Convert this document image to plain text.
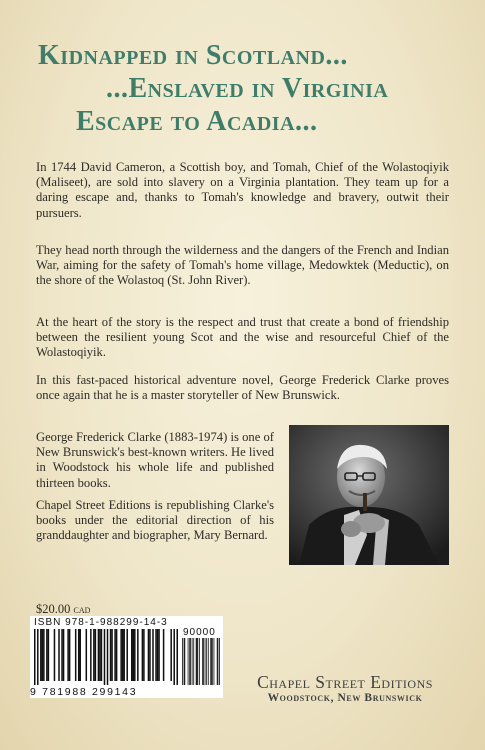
Kidnapped in Scotland...
...Enslaved in Virginia
Escape to Acadia...

In 1744 David Cameron, a Scottish boy, and Tomah, Chief of the Wolastoqiyik (Maliseet), are sold into slavery on a Virginia plantation. They team up for a daring escape and, thanks to Tomah's knowledge and bravery, outwit their pursuers.

They head north through the wilderness and the dangers of the French and Indian War, aiming for the safety of Tomah's home village, Medowktek (Meductic), on the shore of the Wolastoq (St. John River).

At the heart of the story is the respect and trust that create a bond of friendship between the resilient young Scot and the wise and resourceful Chief of the Wolastoqiyik.

In this fast-paced historical adventure novel, George Frederick Clarke proves once again that he is a master storyteller of New Brunswick.

George Frederick Clarke (1883-1974) is one of New Brunswick's best-known writers. He lived in Woodstock his whole life and published thirteen books.

Chapel Street Editions is republishing Clarke's books under the editorial direction of his granddaughter and biographer, Mary Bernard.

$20.00 CAD
ISBN 978-1-988299-14-3
90000
9 781988 299143	Chapel Street Editions
Woodstock, New Brunswick
